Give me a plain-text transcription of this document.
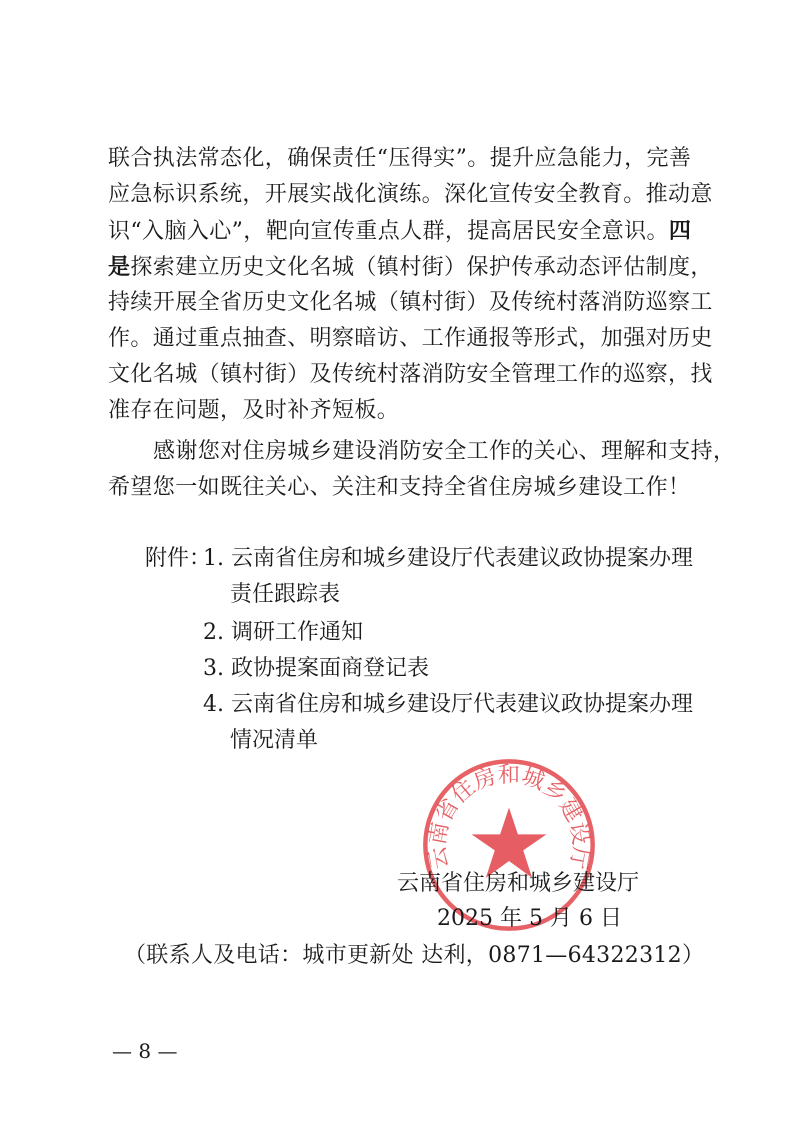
联合执法常态化，确保责任“压得实”。提升应急能力，完善
应急标识系统，开展实战化演练。深化宣传安全教育。推动意
识“入脑入心”，靶向宣传重点人群，提高居民安全意识。四
是探索建立历史文化名城（镇村街）保护传承动态评估制度，
持续开展全省历史文化名城（镇村街）及传统村落消防巡察工
作。通过重点抽查、明察暗访、工作通报等形式，加强对历史
文化名城（镇村街）及传统村落消防安全管理工作的巡察，找
准存在问题，及时补齐短板。
感谢您对住房城乡建设消防安全工作的关心、理解和支持，
希望您一如既往关心、关注和支持全省住房城乡建设工作！
附件：
1. 云南省住房和城乡建设厅代表建议政协提案办理
责任跟踪表
2. 调研工作通知
3. 政协提案面商登记表
4. 云南省住房和城乡建设厅代表建议政协提案办理
情况清单
云南省住房和城乡建设厅
云南省住房和城乡建设厅
2025 年 5 月 6 日
（联系人及电话：城市更新处 达利，0871—64322312）
— 8 —
